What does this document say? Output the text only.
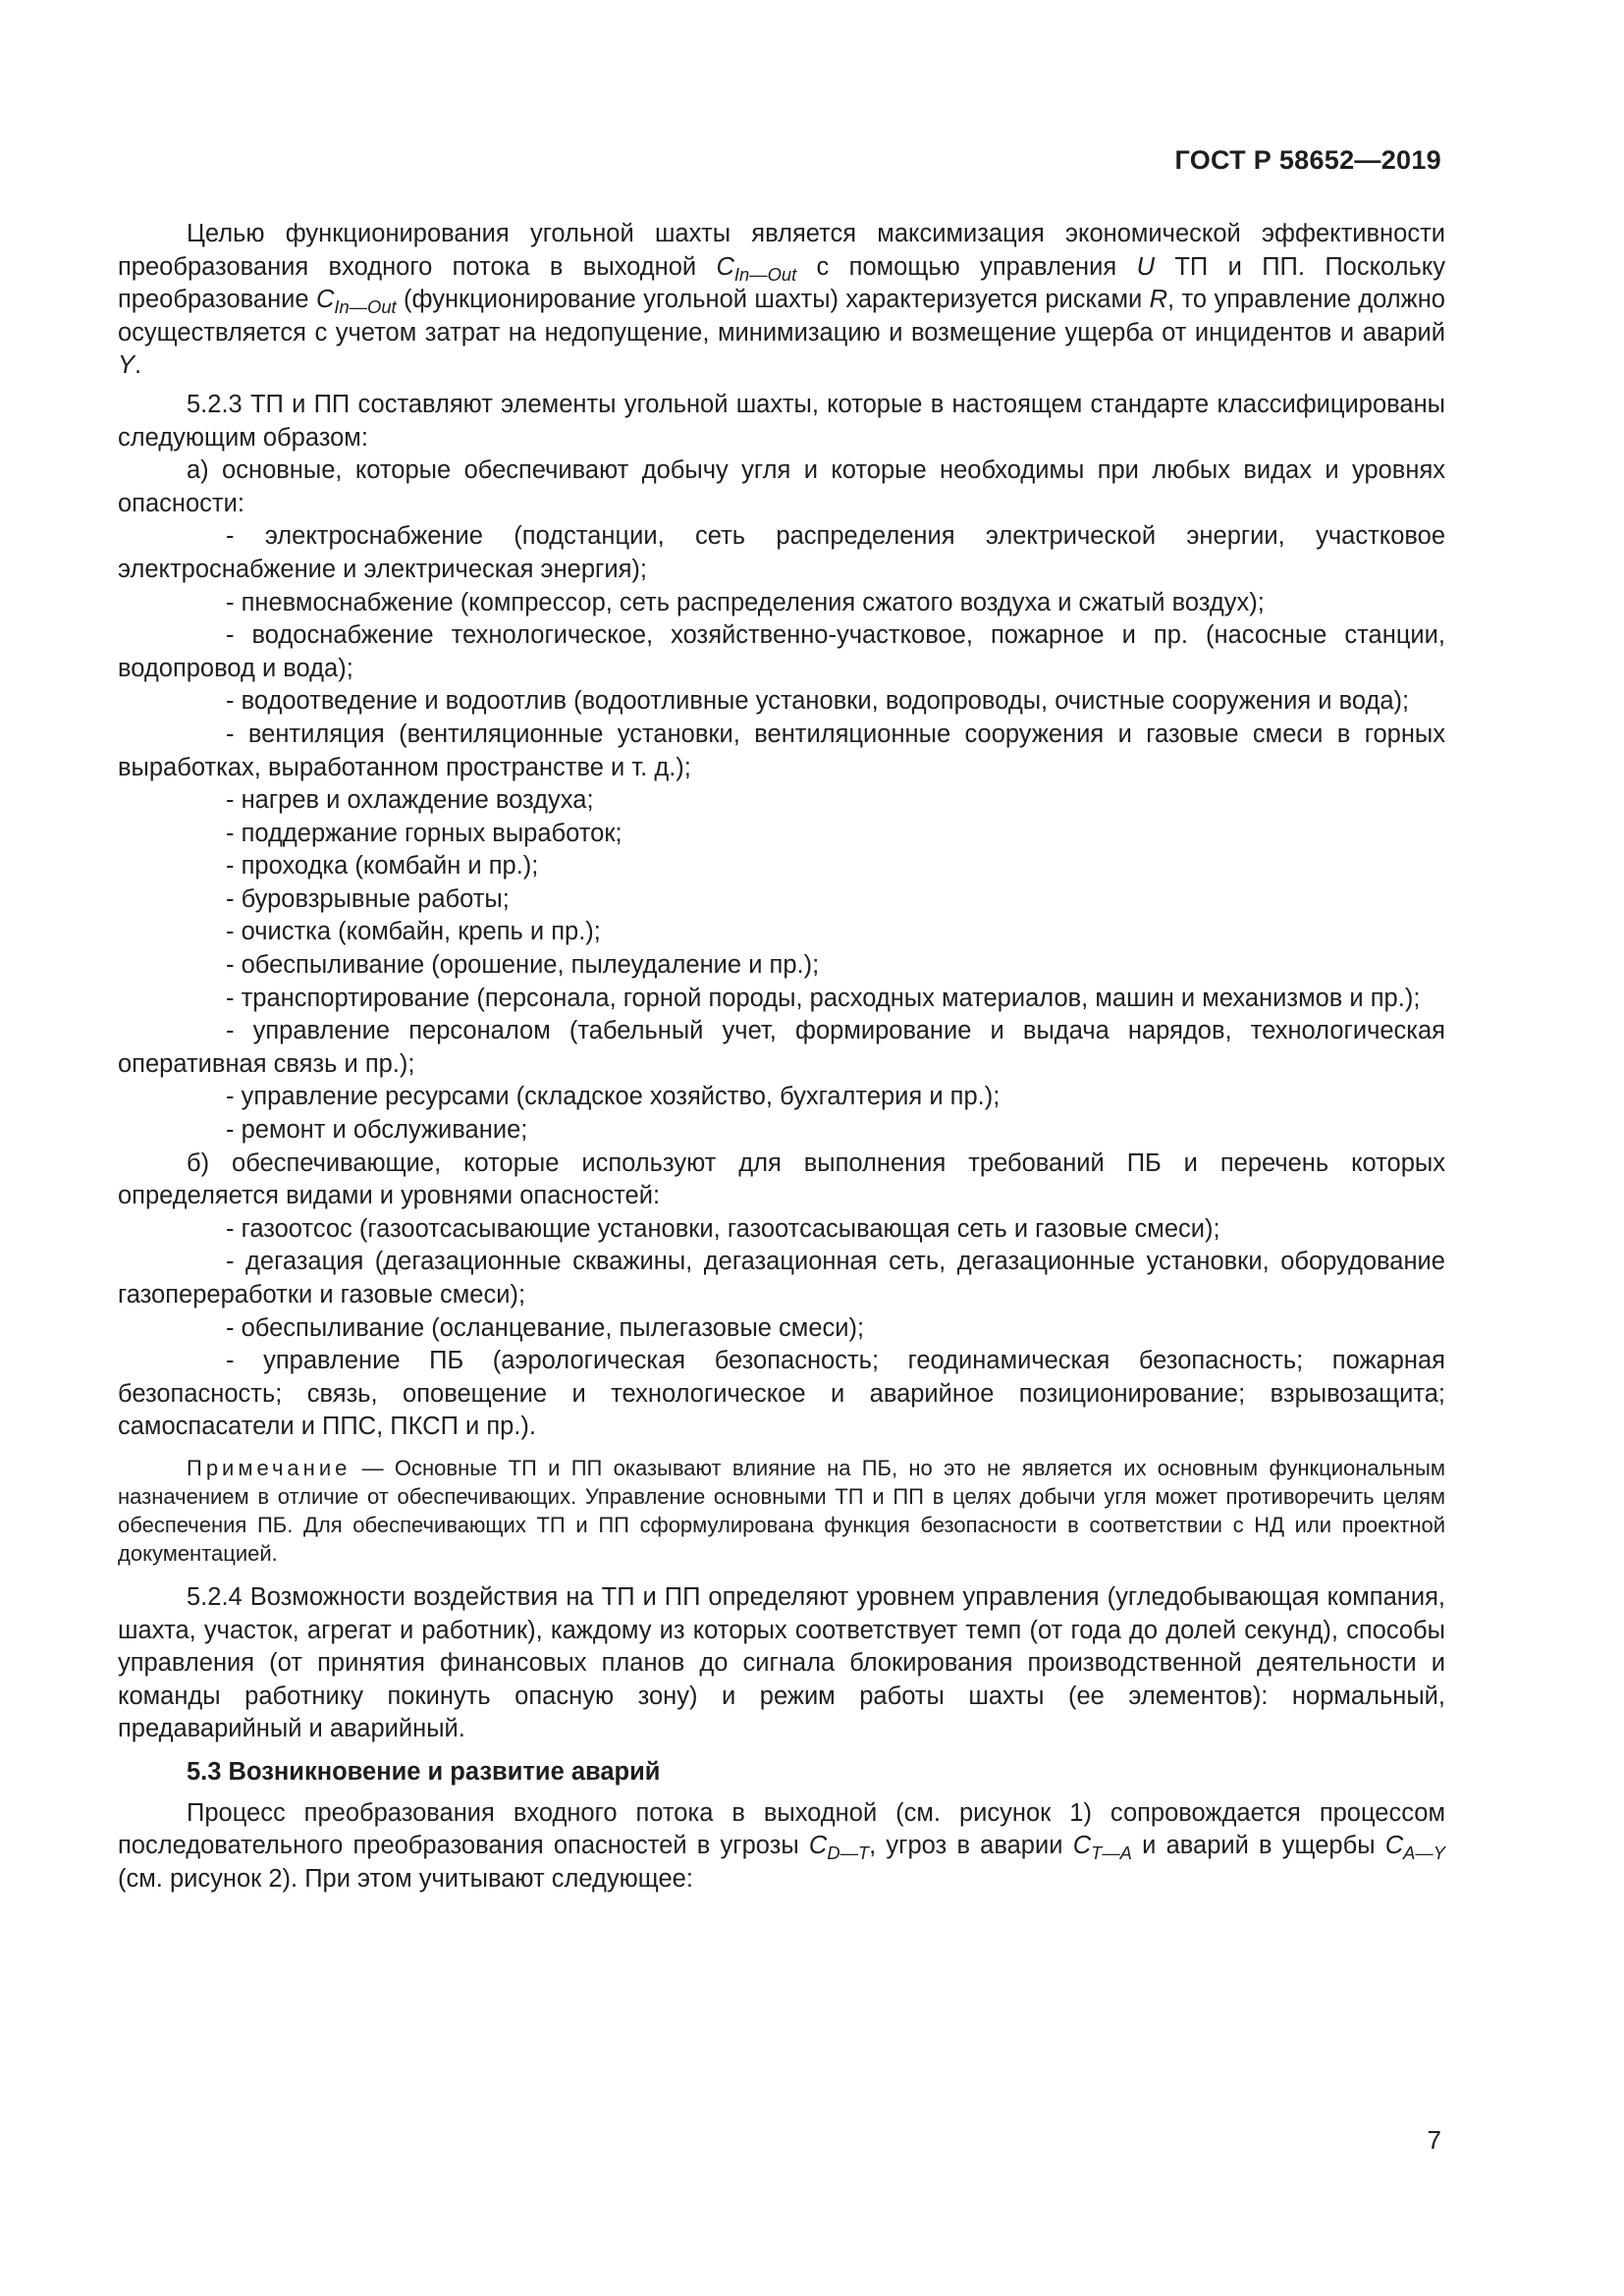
ГОСТ Р 58652—2019

Целью функционирования угольной шахты является максимизация экономической эффективности преобразования входного потока в выходной $C_{In—Out}$ с помощью управления U ТП и ПП. Поскольку преобразование $C_{In—Out}$ (функционирование угольной шахты) характеризуется рисками R, то управление должно осуществляется с учетом затрат на недопущение, минимизацию и возмещение ущерба от инцидентов и аварий Y.

5.2.3 ТП и ПП составляют элементы угольной шахты, которые в настоящем стандарте классифицированы следующим образом:

а) основные, которые обеспечивают добычу угля и которые необходимы при любых видах и уровнях опасности:

- электроснабжение (подстанции, сеть распределения электрической энергии, участковое электроснабжение и электрическая энергия);

- пневмоснабжение (компрессор, сеть распределения сжатого воздуха и сжатый воздух);

- водоснабжение технологическое, хозяйственно-участковое, пожарное и пр. (насосные станции, водопровод и вода);

- водоотведение и водоотлив (водоотливные установки, водопроводы, очистные сооружения и вода);

- вентиляция (вентиляционные установки, вентиляционные сооружения и газовые смеси в горных выработках, выработанном пространстве и т. д.);

- нагрев и охлаждение воздуха;

- поддержание горных выработок;

- проходка (комбайн и пр.);

- буровзрывные работы;

- очистка (комбайн, крепь и пр.);

- обеспыливание (орошение, пылеудаление и пр.);

- транспортирование (персонала, горной породы, расходных материалов, машин и механизмов и пр.);

- управление персоналом (табельный учет, формирование и выдача нарядов, технологическая оперативная связь и пр.);

- управление ресурсами (складское хозяйство, бухгалтерия и пр.);

- ремонт и обслуживание;

б) обеспечивающие, которые используют для выполнения требований ПБ и перечень которых определяется видами и уровнями опасностей:

- газоотсос (газоотсасывающие установки, газоотсасывающая сеть и газовые смеси);

- дегазация (дегазационные скважины, дегазационная сеть, дегазационные установки, оборудование газопереработки и газовые смеси);

- обеспыливание (осланцевание, пылегазовые смеси);

- управление ПБ (аэрологическая безопасность; геодинамическая безопасность; пожарная безопасность; связь, оповещение и технологическое и аварийное позиционирование; взрывозащита; самоспасатели и ППС, ПКСП и пр.).

Примечание — Основные ТП и ПП оказывают влияние на ПБ, но это не является их основным функциональным назначением в отличие от обеспечивающих. Управление основными ТП и ПП в целях добычи угля может противоречить целям обеспечения ПБ. Для обеспечивающих ТП и ПП сформулирована функция безопасности в соответствии с НД или проектной документацией.

5.2.4 Возможности воздействия на ТП и ПП определяют уровнем управления (угледобывающая компания, шахта, участок, агрегат и работник), каждому из которых соответствует темп (от года до долей секунд), способы управления (от принятия финансовых планов до сигнала блокирования производственной деятельности и команды работнику покинуть опасную зону) и режим работы шахты (ее элементов): нормальный, предаварийный и аварийный.

5.3 Возникновение и развитие аварий

Процесс преобразования входного потока в выходной (см. рисунок 1) сопровождается процессом последовательного преобразования опасностей в угрозы $C_{D—T}$, угроз в аварии $C_{T—A}$ и аварий в ущербы $C_{A—Y}$ (см. рисунок 2). При этом учитывают следующее:

7
